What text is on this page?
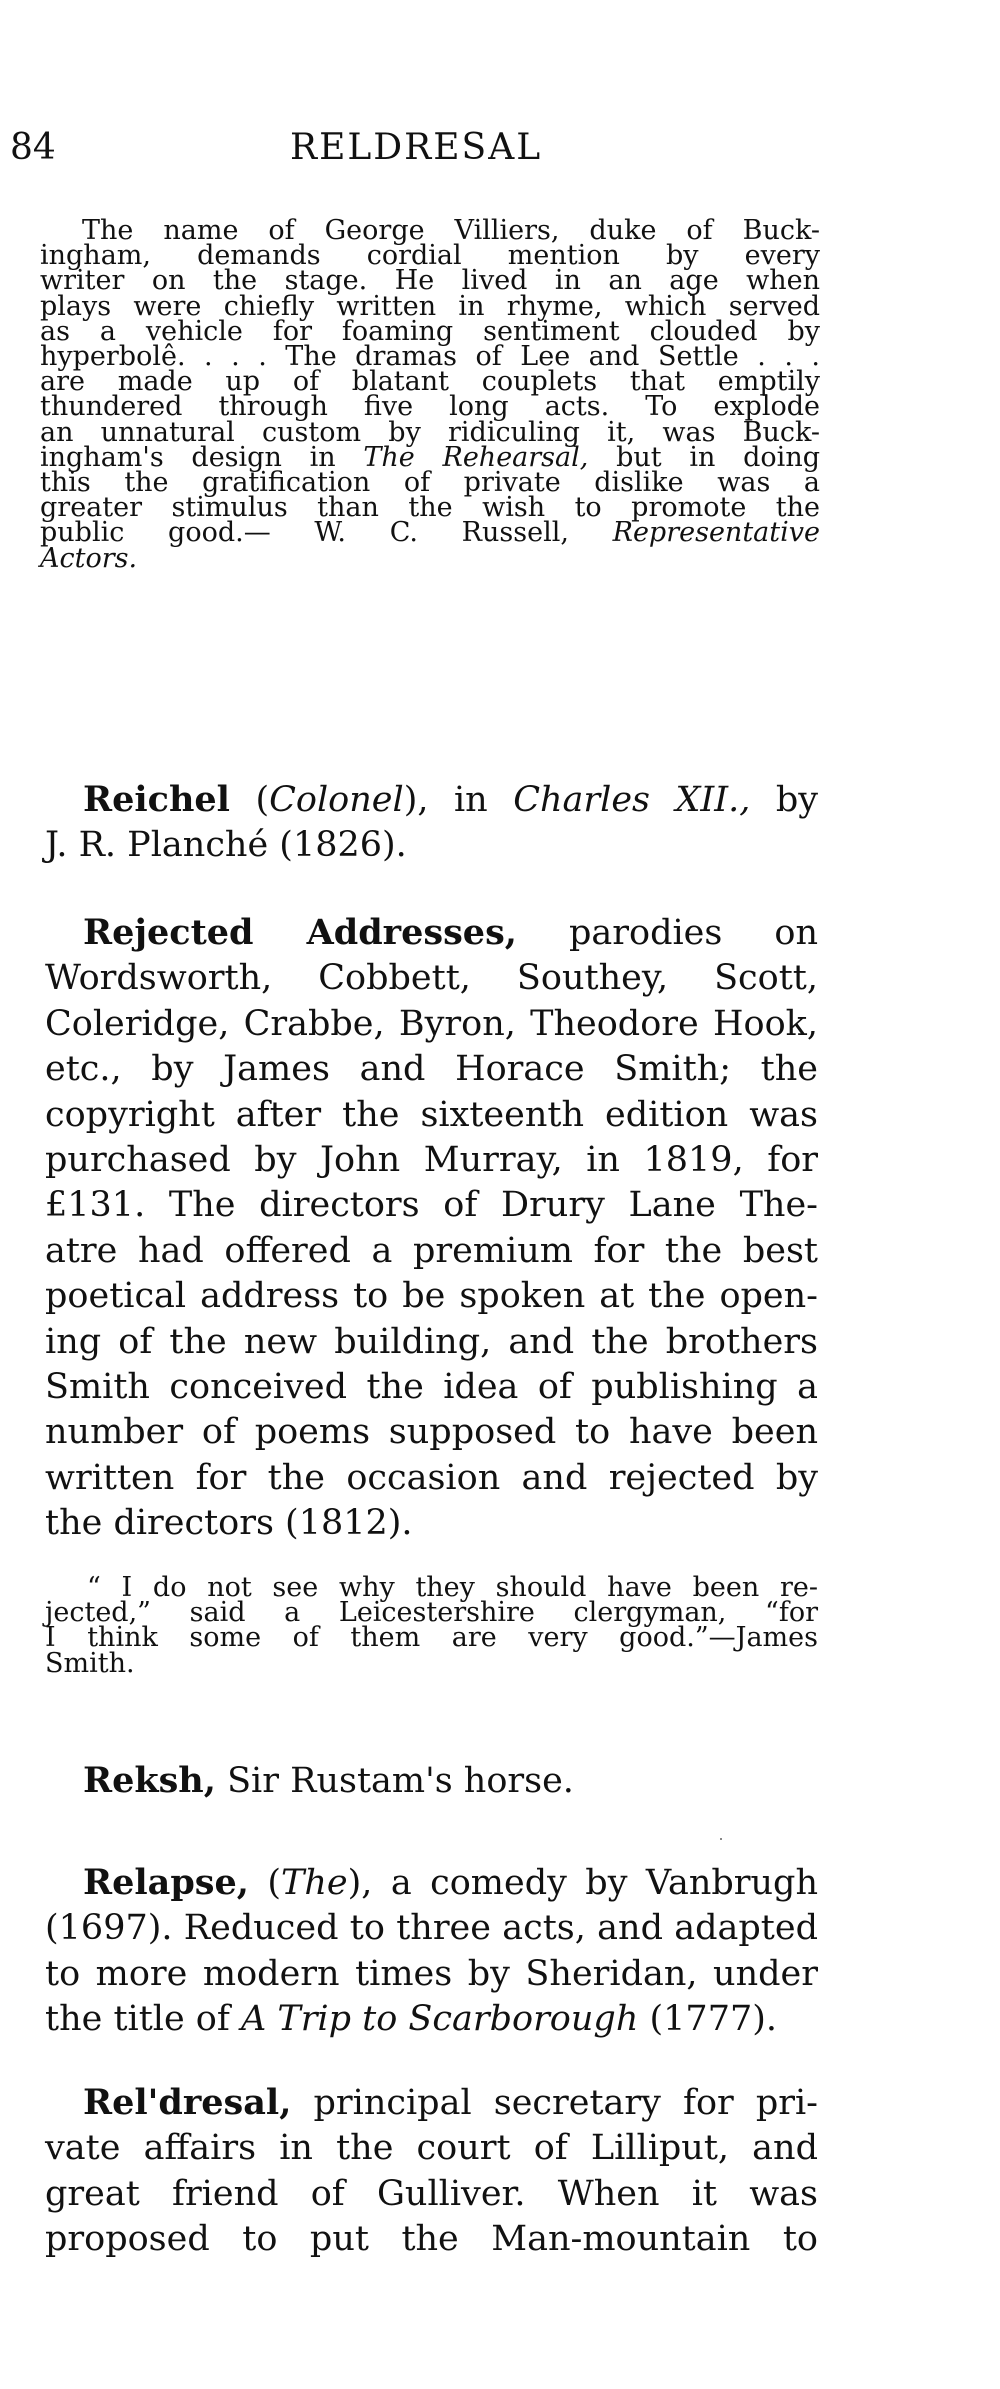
84	RELDRESAL
The name of George Villiers, duke of Buck-
ingham, demands cordial mention by every
writer on the stage. He lived in an age when
plays were chiefly written in rhyme, which served
as a vehicle for foaming sentiment clouded by
hyperbolê. . . . The dramas of Lee and Settle . . .
are made up of blatant couplets that emptily
thundered through five long acts. To explode
an unnatural custom by ridiculing it, was Buck-
ingham's design in The Rehearsal, but in doing
this the gratification of private dislike was a
greater stimulus than the wish to promote the
public good.— W. C. Russell, Representative
Actors.
Reichel (Colonel), in Charles XII., by
J. R. Planché (1826).
Rejected Addresses, parodies on
Wordsworth, Cobbett, Southey, Scott,
Coleridge, Crabbe, Byron, Theodore Hook,
etc., by James and Horace Smith; the
copyright after the sixteenth edition was
purchased by John Murray, in 1819, for
£131. The directors of Drury Lane The-
atre had offered a premium for the best
poetical address to be spoken at the open-
ing of the new building, and the brothers
Smith conceived the idea of publishing a
number of poems supposed to have been
written for the occasion and rejected by
the directors (1812).
“ I do not see why they should have been re-
jected,” said a Leicestershire clergyman, “for
I think some of them are very good.”—James
Smith.
Reksh, Sir Rustam's horse.
Relapse, (The), a comedy by Vanbrugh
(1697). Reduced to three acts, and adapted
to more modern times by Sheridan, under
the title of A Trip to Scarborough (1777).
Rel'dresal, principal secretary for pri-
vate affairs in the court of Lilliput, and
great friend of Gulliver. When it was
proposed to put the Man-mountain to
